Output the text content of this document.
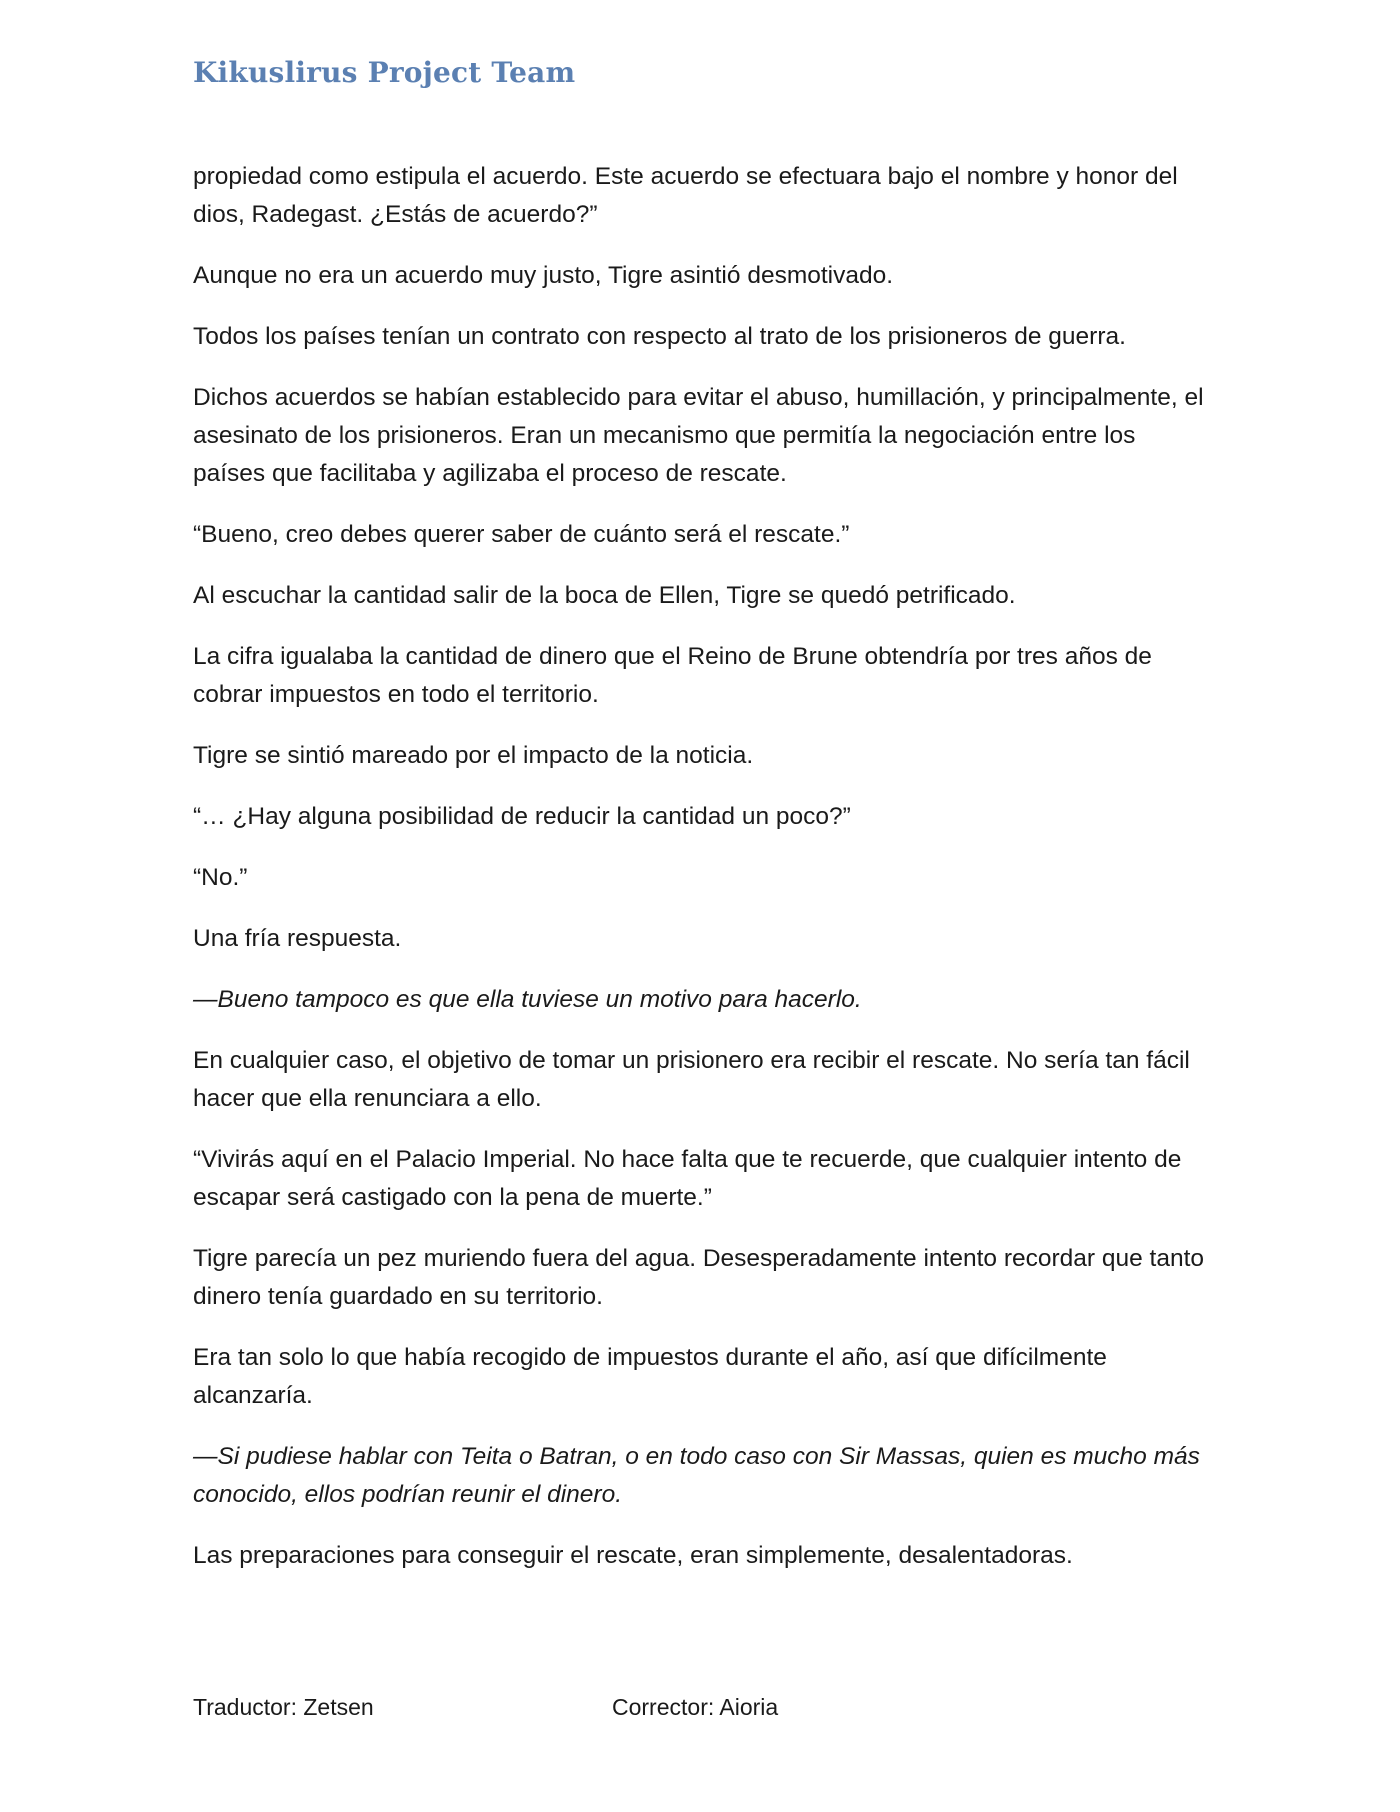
Kikuslirus Project Team

propiedad como estipula el acuerdo. Este acuerdo se efectuara bajo el nombre y honor del dios, Radegast. ¿Estás de acuerdo?”

Aunque no era un acuerdo muy justo, Tigre asintió desmotivado.

Todos los países tenían un contrato con respecto al trato de los prisioneros de guerra.

Dichos acuerdos se habían establecido para evitar el abuso, humillación, y principalmente, el asesinato de los prisioneros. Eran un mecanismo que permitía la negociación entre los países que facilitaba y agilizaba el proceso de rescate.

“Bueno, creo debes querer saber de cuánto será el rescate.”

Al escuchar la cantidad salir de la boca de Ellen, Tigre se quedó petrificado.

La cifra igualaba la cantidad de dinero que el Reino de Brune obtendría por tres años de cobrar impuestos en todo el territorio.

Tigre se sintió mareado por el impacto de la noticia.

“… ¿Hay alguna posibilidad de reducir la cantidad un poco?”

“No.”

Una fría respuesta.

—Bueno tampoco es que ella tuviese un motivo para hacerlo.

En cualquier caso, el objetivo de tomar un prisionero era recibir el rescate. No sería tan fácil hacer que ella renunciara a ello.

“Vivirás aquí en el Palacio Imperial. No hace falta que te recuerde, que cualquier intento de escapar será castigado con la pena de muerte.”

Tigre parecía un pez muriendo fuera del agua. Desesperadamente intento recordar que tanto dinero tenía guardado en su territorio.

Era tan solo lo que había recogido de impuestos durante el año, así que difícilmente alcanzaría.

—Si pudiese hablar con Teita o Batran, o en todo caso con Sir Massas, quien es mucho más conocido, ellos podrían reunir el dinero.

Las preparaciones para conseguir el rescate, eran simplemente, desalentadoras.

Traductor: Zetsen	Corrector: Aioria
